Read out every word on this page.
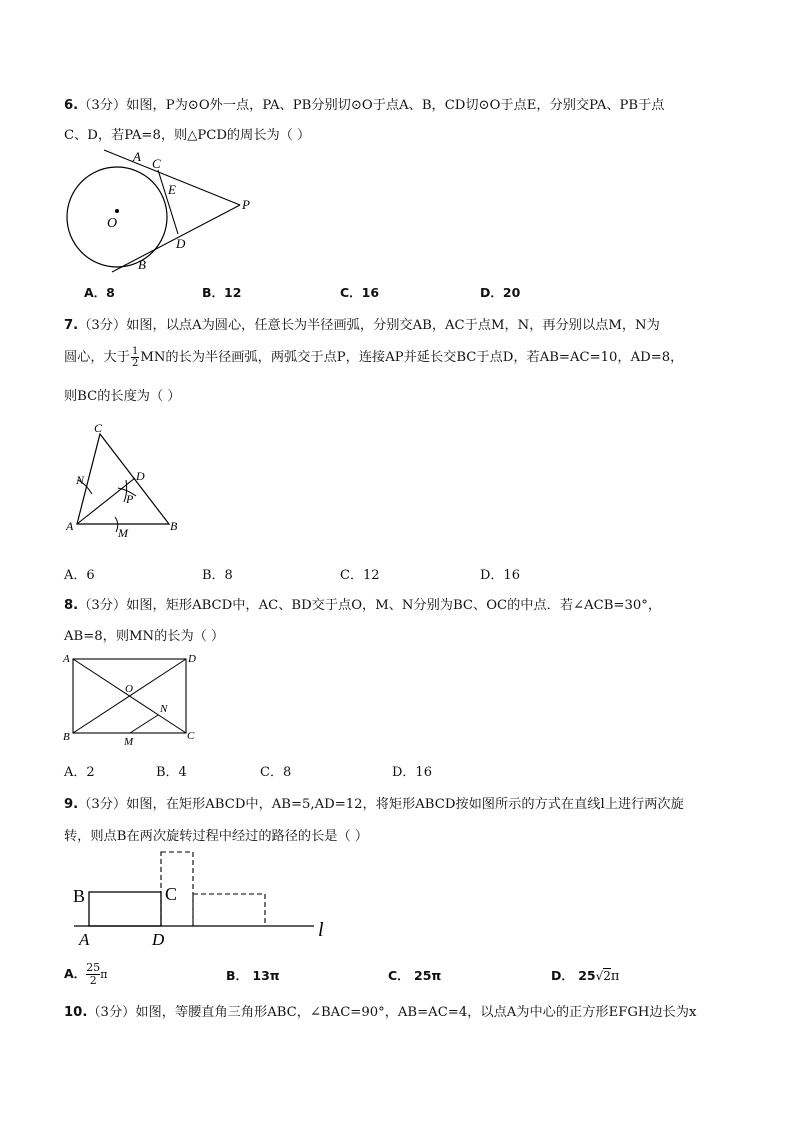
6.（3分）如图，P为⊙O外一点，PA、PB分别切⊙O于点A、B，CD切⊙O于点E，分别交PA、PB于点
C、D，若PA=8，则△PCD的周长为（ ）
A C
E
O
P
D
B
A．8	B．12	C．16	D．20
7.（3分）如图，以点A为圆心，任意长为半径画弧，分别交AB，AC于点M，N，再分别以点M，N为
圆心，大于 $\frac{1}{2}$ MN的长为半径画弧，两弧交于点P，连接AP并延长交BC于点D，若AB=AC=10，AD=8，
则BC的长度为（ ）
C
D
N
P
A	M	B
A．6	B．8	C．12	D．16
8.（3分）如图，矩形ABCD中，AC、BD交于点O，M、N分别为BC、OC的中点．若∠ACB=30°，
AB=8，则MN的长为（ ）
A	D
O
N
B	M	C
A．2	B．4	C．8	D．16
9.（3分）如图，在矩形ABCD中，AB=5,AD=12，将矩形ABCD按如图所示的方式在直线l上进行两次旋
转，则点B在两次旋转过程中经过的路径的长是（ ）
B	C
A	D	l
A． $\frac{25}{2}$ π	B． 13π	C． 25π	D． 25√2π
10.（3分）如图，等腰直角三角形ABC，∠BAC=90°，AB=AC=4，以点A为中心的正方形EFGH边长为x
